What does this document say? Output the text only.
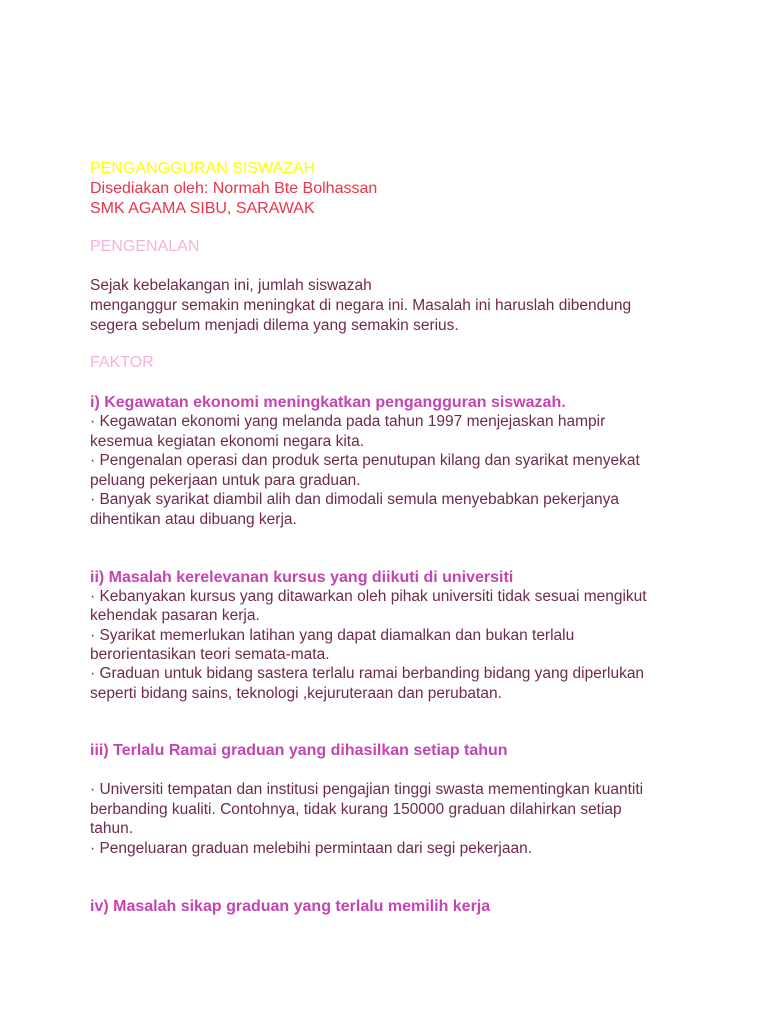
PENGANGGURAN SISWAZAH
Disediakan oleh: Normah Bte Bolhassan
SMK AGAMA SIBU, SARAWAK
PENGENALAN
Sejak kebelakangan ini, jumlah siswazah
menganggur semakin meningkat di negara ini. Masalah ini haruslah dibendung
segera sebelum menjadi dilema yang semakin serius.
FAKTOR
i) Kegawatan ekonomi meningkatkan pengangguran siswazah.
· Kegawatan ekonomi yang melanda pada tahun 1997 menjejaskan hampir
kesemua kegiatan ekonomi negara kita.
· Pengenalan operasi dan produk serta penutupan kilang dan syarikat menyekat
peluang pekerjaan untuk para graduan.
· Banyak syarikat diambil alih dan dimodali semula menyebabkan pekerjanya
dihentikan atau dibuang kerja.
ii) Masalah kerelevanan kursus yang diikuti di universiti
· Kebanyakan kursus yang ditawarkan oleh pihak universiti tidak sesuai mengikut
kehendak pasaran kerja.
· Syarikat memerlukan latihan yang dapat diamalkan dan bukan terlalu
berorientasikan teori semata-mata.
· Graduan untuk bidang sastera terlalu ramai berbanding bidang yang diperlukan
seperti bidang sains, teknologi ,kejuruteraan dan perubatan.
iii) Terlalu Ramai graduan yang dihasilkan setiap tahun
· Universiti tempatan dan institusi pengajian tinggi swasta mementingkan kuantiti
berbanding kualiti. Contohnya, tidak kurang 150000 graduan dilahirkan setiap
tahun.
· Pengeluaran graduan melebihi permintaan dari segi pekerjaan.
iv) Masalah sikap graduan yang terlalu memilih kerja
